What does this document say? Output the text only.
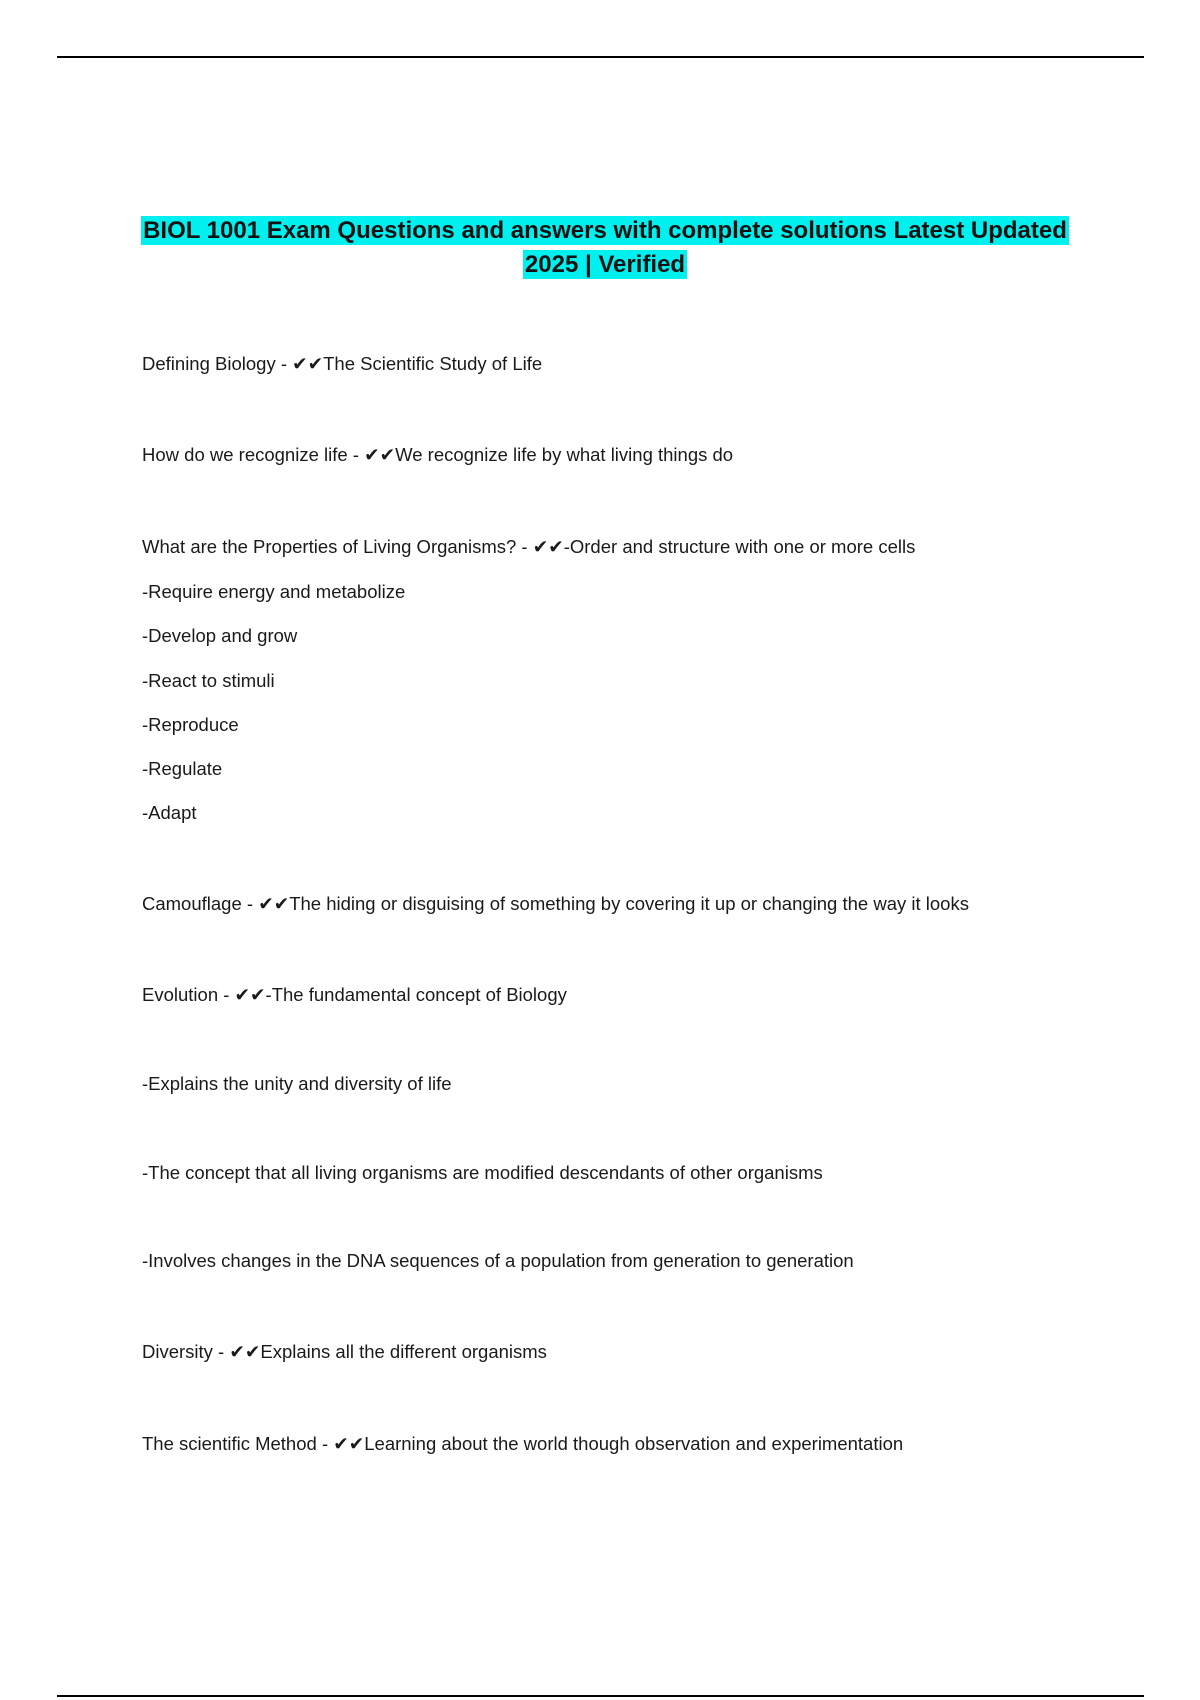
BIOL 1001 Exam Questions and answers with complete solutions Latest Updated
2025 | Verified
Defining Biology - ✔✔The Scientific Study of Life
How do we recognize life - ✔✔We recognize life by what living things do
What are the Properties of Living Organisms? - ✔✔-Order and structure with one or more cells
-Require energy and metabolize
-Develop and grow
-React to stimuli
-Reproduce
-Regulate
-Adapt
Camouflage - ✔✔The hiding or disguising of something by covering it up or changing the way it looks
Evolution - ✔✔-The fundamental concept of Biology
-Explains the unity and diversity of life
-The concept that all living organisms are modified descendants of other organisms
-Involves changes in the DNA sequences of a population from generation to generation
Diversity - ✔✔Explains all the different organisms
The scientific Method - ✔✔Learning about the world though observation and experimentation
